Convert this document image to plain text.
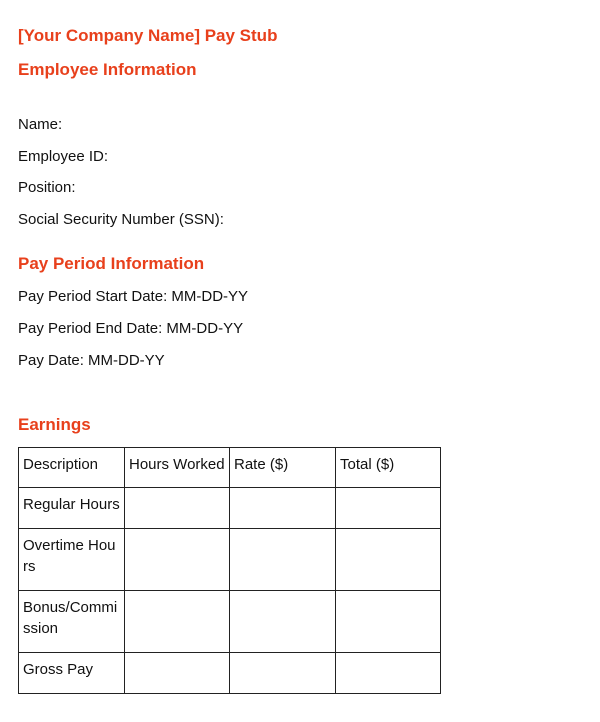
[Your Company Name] Pay Stub
Employee Information

Name:

Employee ID:

Position:

Social Security Number (SSN):

Pay Period Information

Pay Period Start Date: MM-DD-YY

Pay Period End Date: MM-DD-YY

Pay Date: MM-DD-YY

Earnings
Description	Hours Worked	Rate ($)	Total ($)
Regular Hours			
Overtime Hours			
Bonus/Commission			
Gross Pay			
